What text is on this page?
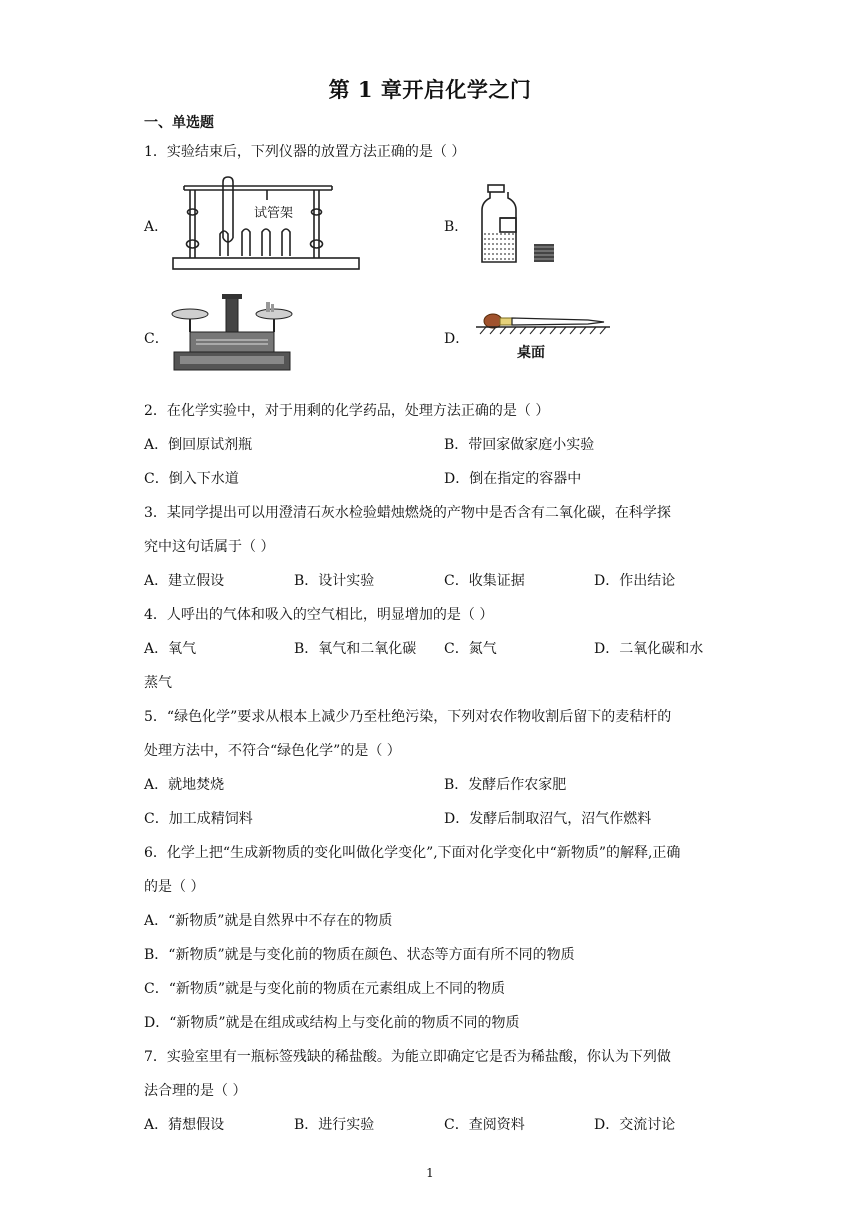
第 1 章开启化学之门
一、单选题
1．实验结束后，下列仪器的放置方法正确的是（ ）
A．
试管架
B．
C．	D．
桌面
2．在化学实验中，对于用剩的化学药品，处理方法正确的是（ ）
A．倒回原试剂瓶	B．带回家做家庭小实验
C．倒入下水道	D．倒在指定的容器中
3．某同学提出可以用澄清石灰水检验蜡烛燃烧的产物中是否含有二氧化碳，在科学探
究中这句话属于（ ）
A．建立假设	B．设计实验	C．收集证据	D．作出结论
4．人呼出的气体和吸入的空气相比，明显增加的是（ ）
A．氧气	B．氧气和二氧化碳 C．氮气	D．二氧化碳和水
蒸气
5．“绿色化学”要求从根本上减少乃至杜绝污染，下列对农作物收割后留下的麦秸杆的
处理方法中，不符合“绿色化学”的是（ ）
A．就地焚烧	B．发酵后作农家肥
C．加工成精饲料	D．发酵后制取沼气，沼气作燃料
6．化学上把“生成新物质的变化叫做化学变化”,下面对化学变化中“新物质”的解释,正确
的是（ ）
A．“新物质”就是自然界中不存在的物质
B．“新物质”就是与变化前的物质在颜色、状态等方面有所不同的物质
C．“新物质”就是与变化前的物质在元素组成上不同的物质
D．“新物质”就是在组成或结构上与变化前的物质不同的物质
7．实验室里有一瓶标签残缺的稀盐酸。为能立即确定它是否为稀盐酸，你认为下列做
法合理的是（ ）
A．猜想假设	B．进行实验	C．查阅资料	D．交流讨论
1
